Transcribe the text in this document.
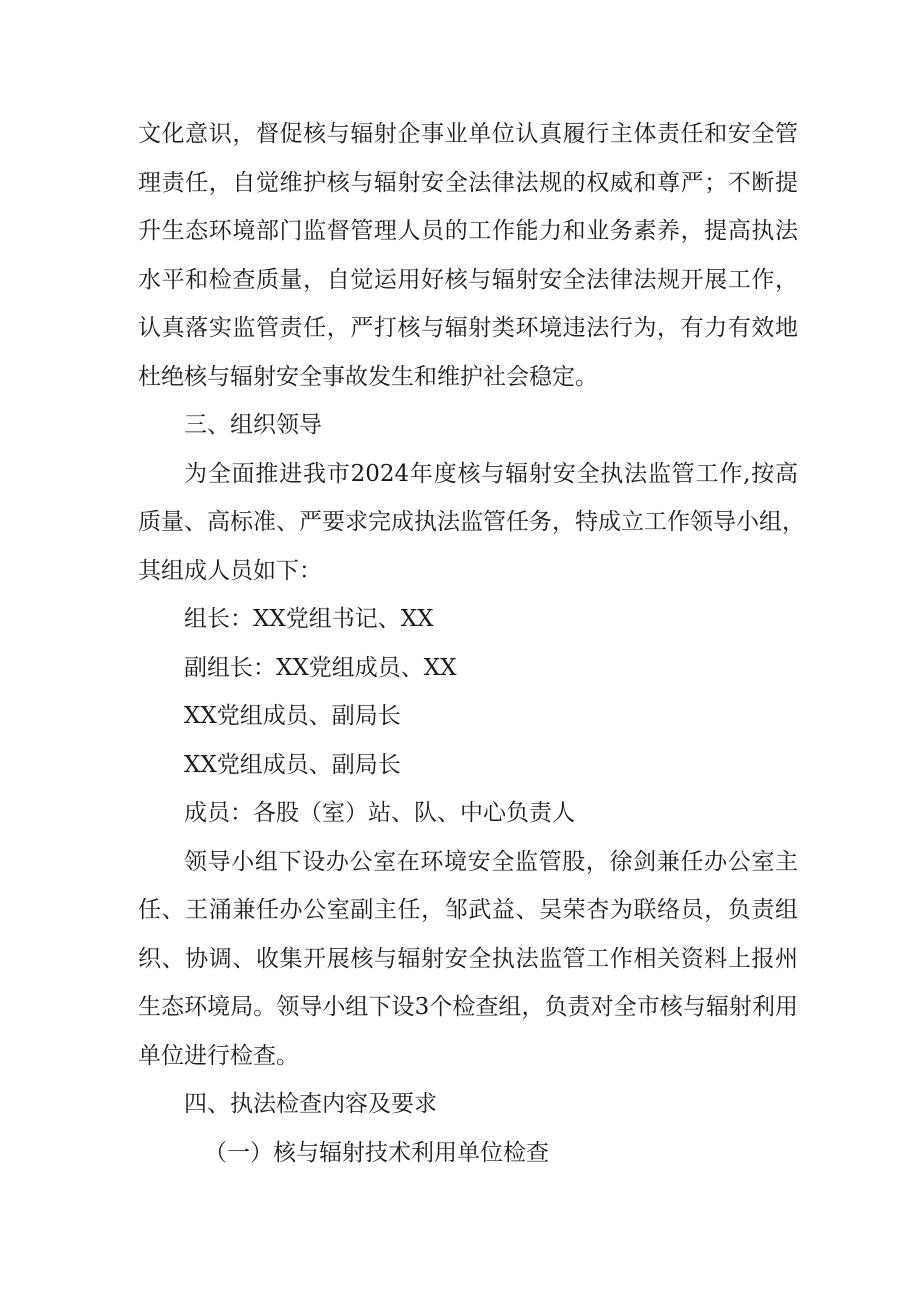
文化意识，督促核与辐射企事业单位认真履行主体责任和安全管
理责任，自觉维护核与辐射安全法律法规的权威和尊严；不断提
升生态环境部门监督管理人员的工作能力和业务素养，提高执法
水平和检查质量，自觉运用好核与辐射安全法律法规开展工作，
认真落实监管责任，严打核与辐射类环境违法行为，有力有效地
杜绝核与辐射安全事故发生和维护社会稳定。
三、组织领导
为全面推进我市2024年度核与辐射安全执法监管工作,按高
质量、高标准、严要求完成执法监管任务，特成立工作领导小组，
其组成人员如下：
组长：XX党组书记、XX
副组长：XX党组成员、XX
XX党组成员、副局长
XX党组成员、副局长
成员：各股（室）站、队、中心负责人
领导小组下设办公室在环境安全监管股，徐剑兼任办公室主
任、王涌兼任办公室副主任，邹武益、吴荣杏为联络员，负责组
织、协调、收集开展核与辐射安全执法监管工作相关资料上报州
生态环境局。领导小组下设3个检查组，负责对全市核与辐射利用
单位进行检查。
四、执法检查内容及要求
（一）核与辐射技术利用单位检查
